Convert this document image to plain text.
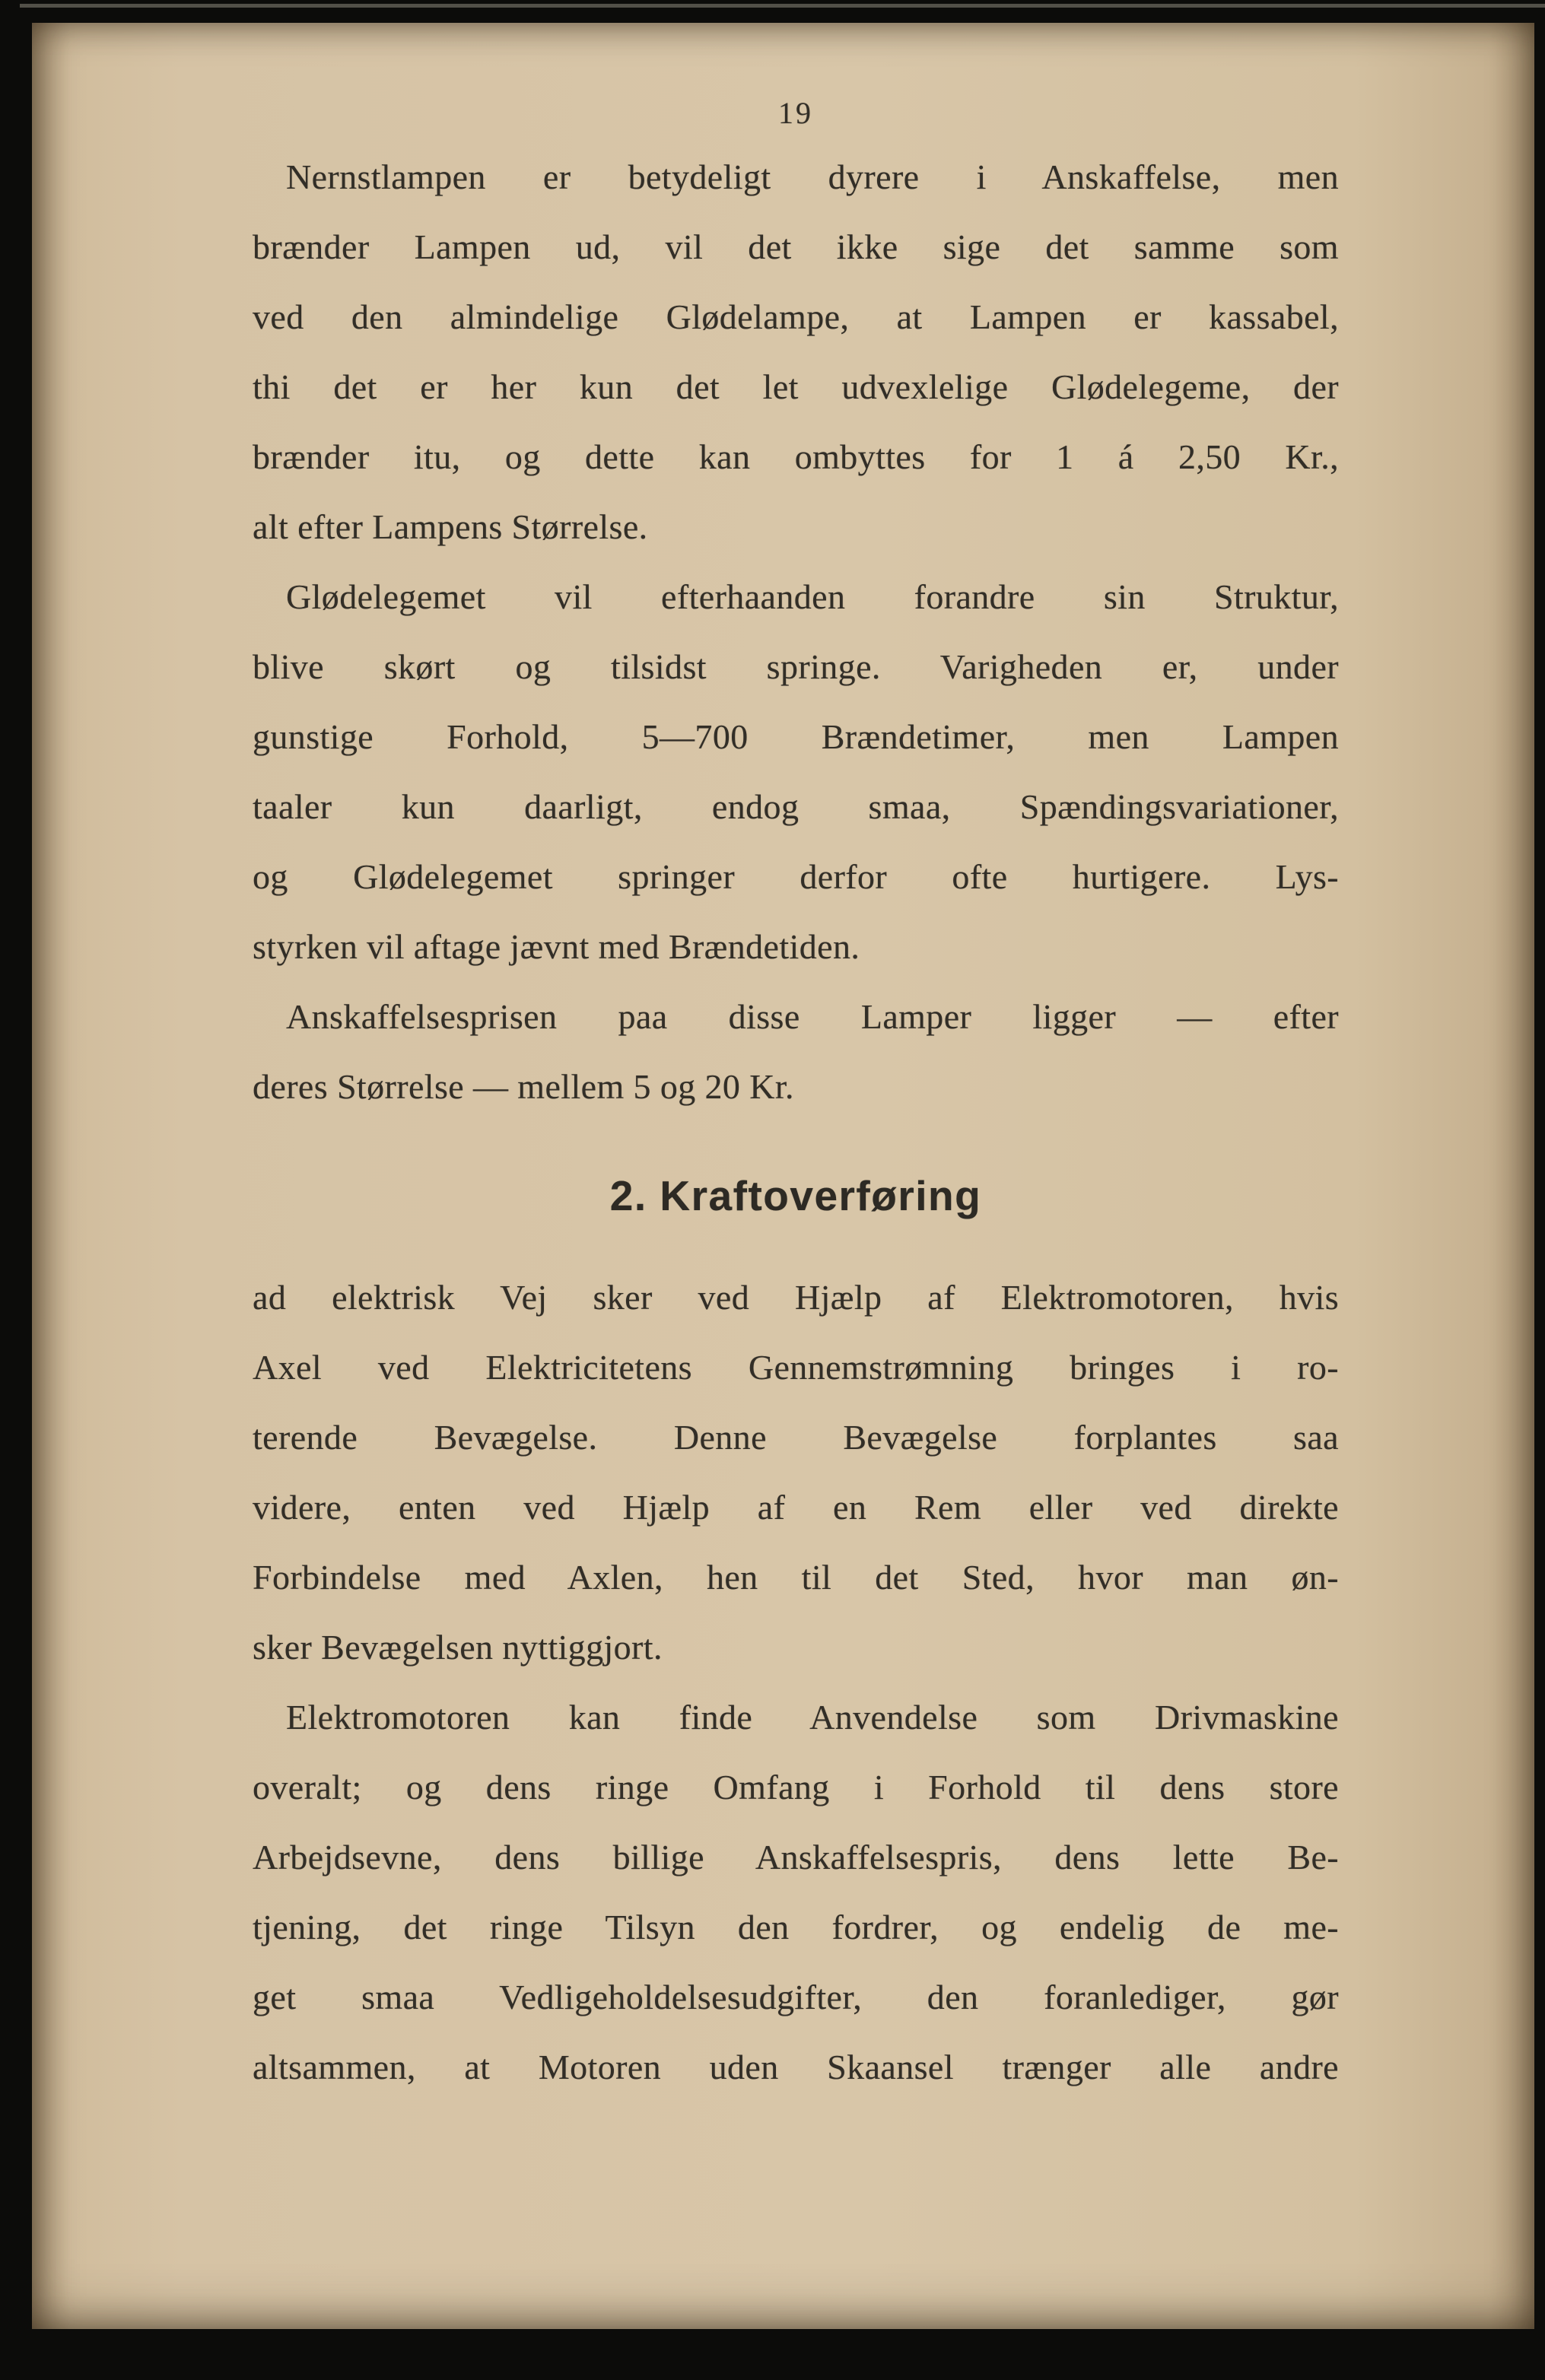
19
Nernstlampen er betydeligt dyrere i Anskaffelse, men
brænder Lampen ud, vil det ikke sige det samme som
ved den almindelige Glødelampe, at Lampen er kassabel,
thi det er her kun det let udvexlelige Glødelegeme, der
brænder itu, og dette kan ombyttes for 1 á 2,50 Kr.,
alt efter Lampens Størrelse.
Glødelegemet vil efterhaanden forandre sin Struktur,
blive skørt og tilsidst springe. Varigheden er, under
gunstige Forhold, 5—700 Brændetimer, men Lampen
taaler kun daarligt, endog smaa, Spændingsvariationer,
og Glødelegemet springer derfor ofte hurtigere. Lys-
styrken vil aftage jævnt med Brændetiden.
Anskaffelsesprisen paa disse Lamper ligger — efter
deres Størrelse — mellem 5 og 20 Kr.
2. Kraftoverføring
ad elektrisk Vej sker ved Hjælp af Elektromotoren, hvis
Axel ved Elektricitetens Gennemstrømning bringes i ro-
terende Bevægelse. Denne Bevægelse forplantes saa
videre, enten ved Hjælp af en Rem eller ved direkte
Forbindelse med Axlen, hen til det Sted, hvor man øn-
sker Bevægelsen nyttiggjort.
Elektromotoren kan finde Anvendelse som Drivmaskine
overalt; og dens ringe Omfang i Forhold til dens store
Arbejdsevne, dens billige Anskaffelsespris, dens lette Be-
tjening, det ringe Tilsyn den fordrer, og endelig de me-
get smaa Vedligeholdelsesudgifter, den foranlediger, gør
altsammen, at Motoren uden Skaansel trænger alle andre
